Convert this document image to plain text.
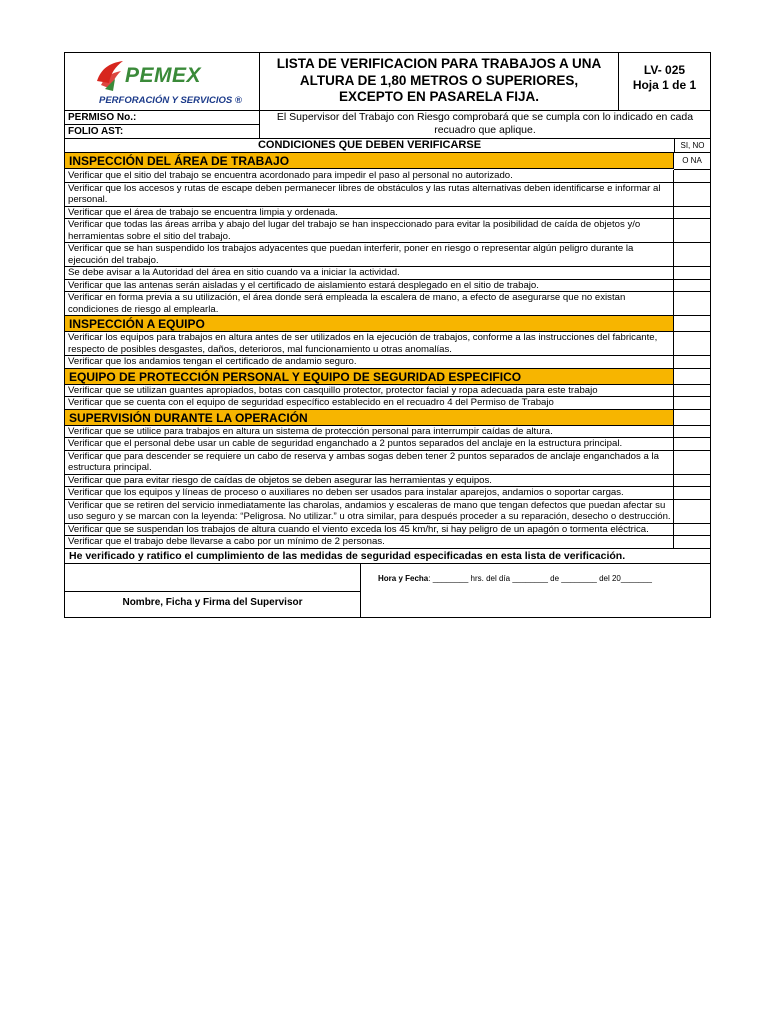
PEMEX
PERFORACIÓN Y SERVICIOS ®
LISTA DE VERIFICACION PARA TRABAJOS A UNA
ALTURA DE 1,80 METROS O SUPERIORES,
EXCEPTO EN PASARELA FIJA.
LV- 025
Hoja 1 de 1
PERMISO No.:
FOLIO AST:
El Supervisor del Trabajo con Riesgo comprobará que se cumpla con lo indicado en cada recuadro que aplique.
CONDICIONES QUE DEBEN VERIFICARSE	SI, NO
INSPECCIÓN DEL ÁREA DE TRABAJO	O NA
Verificar que el sitio del trabajo se encuentra acordonado para impedir el paso al personal no autorizado.
Verificar que los accesos y rutas de escape deben permanecer libres de obstáculos y las rutas alternativas deben identificarse e informar al personal.
Verificar que el área de trabajo se encuentra limpia y ordenada.
Verificar que todas las áreas arriba y abajo del lugar del trabajo se han inspeccionado para evitar la posibilidad de caída de objetos y/o herramientas sobre el sitio del trabajo.
Verificar que se han suspendido los trabajos adyacentes que puedan interferir, poner en riesgo o representar algún peligro durante la ejecución del trabajo.
Se debe avisar a la Autoridad del área en sitio cuando va a iniciar la actividad.
Verificar que las antenas serán aisladas y el certificado de aislamiento estará desplegado en el sitio de trabajo.
Verificar en forma previa a su utilización, el área donde será empleada la escalera de mano, a efecto de asegurarse que no existan condiciones de riesgo al emplearla.
INSPECCIÓN A EQUIPO
Verificar los equipos para trabajos en altura antes de ser utilizados en la ejecución de trabajos, conforme a las instrucciones del fabricante, respecto de posibles desgastes, daños, deterioros, mal funcionamiento u otras anomalías.
Verificar que los andamios tengan el certificado de andamio seguro.
EQUIPO DE PROTECCIÓN PERSONAL Y EQUIPO DE SEGURIDAD ESPECIFICO
Verificar que se utilizan guantes apropiados, botas con casquillo protector, protector facial y ropa adecuada para este trabajo
Verificar que se cuenta con el equipo de seguridad específico establecido en el recuadro 4 del Permiso de Trabajo
SUPERVISIÓN DURANTE LA OPERACIÓN
Verificar que se utilice para trabajos en altura un sistema de protección personal para interrumpir caídas de altura.
Verificar que el personal debe usar un cable de seguridad enganchado a 2 puntos separados del anclaje en la estructura principal.
Verificar que para descender se requiere un cabo de reserva y ambas sogas deben tener 2 puntos separados de anclaje enganchados a la estructura principal.
Verificar que para evitar riesgo de caídas de objetos se deben asegurar las herramientas y equipos.
Verificar que los equipos y líneas de proceso o auxiliares no deben ser usados para instalar aparejos, andamios o soportar cargas.
Verificar que se retiren del servicio inmediatamente las charolas, andamios y escaleras de mano que tengan defectos que puedan afectar su uso seguro y se marcan con la leyenda: “Peligrosa. No utilizar.” u otra similar, para después proceder a su reparación, desecho o destrucción.
Verificar que se suspendan los trabajos de altura cuando el viento exceda los 45 km/hr, si hay peligro de un apagón o tormenta eléctrica.
Verificar que el trabajo debe llevarse a cabo por un mínimo de 2 personas.
He verificado y ratifico el cumplimiento de las medidas de seguridad especificadas en esta lista de verificación.
Nombre, Ficha y Firma del Supervisor
Hora y Fecha: ________ hrs. del día ________ de ________ del 20_______
